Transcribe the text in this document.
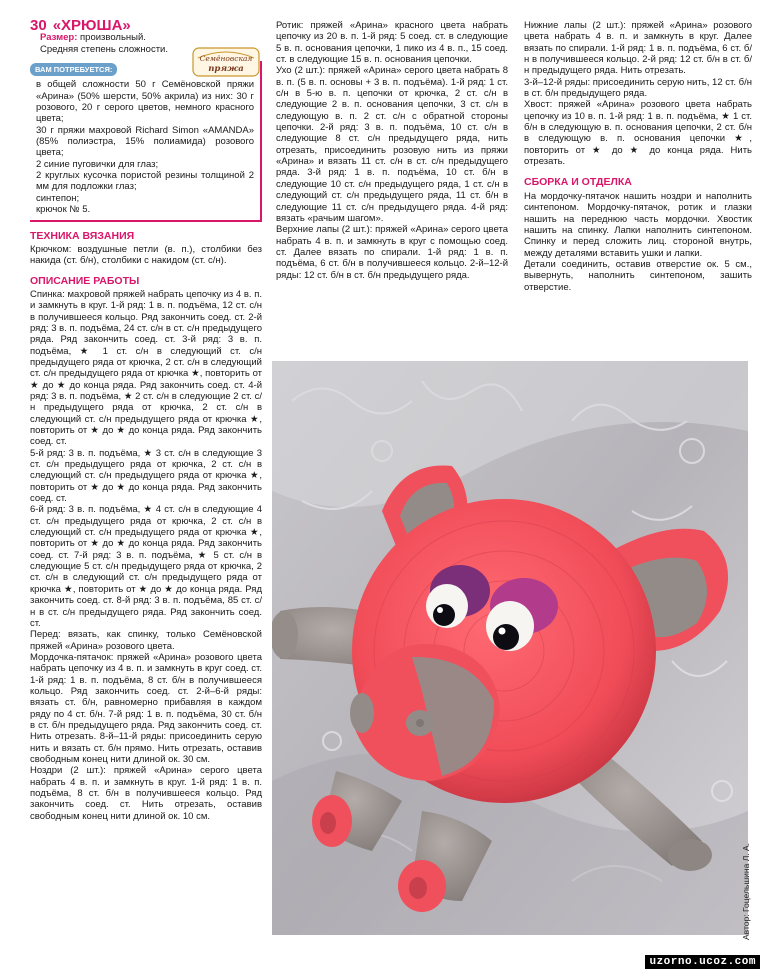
30 «ХРЮША»

Размер: произвольный.

Средняя степень сложности.

ВАМ ПОТРЕБУЕТСЯ:

в общей сложности 50 г Семёновской пряжи «Арина» (50% шерсти, 50% акрила) из них: 30 г розового, 20 г серого цветов, немного красного цвета;

30 г пряжи махровой Richard Simon «AMANDA» (85% полиэстра, 15% полиамида) розового цвета;

2 синие пуговички для глаз;

2 круглых кусочка пористой резины толщиной 2 мм для подложки глаз;

синтепон;

крючок № 5.

ТЕХНИКА ВЯЗАНИЯ

Крючком: воздушные петли (в. п.), столбики без накида (ст. б/н), столбики с накидом (ст. с/н).

ОПИСАНИЕ РАБОТЫ

Спинка: махровой пряжей набрать цепочку из 4 в. п. и замкнуть в круг. 1-й ряд: 1 в. п. подъёма, 12 ст. с/н в получившееся кольцо. Ряд закончить соед. ст. 2-й ряд: 3 в. п. подъёма, 24 ст. с/н в ст. с/н предыдущего ряда. Ряд закончить соед. ст. 3-й ряд: 3 в. п. подъёма, ★ 1 ст. с/н в следующий ст. с/н предыдущего ряда от крючка, 2 ст. с/н в следующий ст. с/н предыдущего ряда от крючка ★, повторить от ★ до ★ до конца ряда. Ряд закончить соед. ст. 4-й ряд: 3 в. п. подъёма, ★ 2 ст. с/н в следующие 2 ст. с/н предыдущего ряда от крючка, 2 ст. с/н в следующий ст. с/н предыдущего ряда от крючка ★, повторить от ★ до ★ до конца ряда. Ряд закончить соед. ст.

5-й ряд: 3 в. п. подъёма, ★ 3 ст. с/н в следующие 3 ст. с/н предыдущего ряда от крючка, 2 ст. с/н в следующий ст. с/н предыдущего ряда от крючка ★, повторить от ★ до ★ до конца ряда. Ряд закончить соед. ст.

6-й ряд: 3 в. п. подъёма, ★ 4 ст. с/н в следующие 4 ст. с/н предыдущего ряда от крючка, 2 ст. с/н в следующий ст. с/н предыдущего ряда от крючка ★, повторить от ★ до ★ до конца ряда. Ряд закончить соед. ст. 7-й ряд: 3 в. п. подъёма, ★ 5 ст. с/н в следующие 5 ст. с/н предыдущего ряда от крючка, 2 ст. с/н в следующий ст. с/н предыдущего ряда от крючка ★, повторить от ★ до ★ до конца ряда. Ряд закончить соед. ст. 8-й ряд: 3 в. п. подъёма, 85 ст. с/н в ст. с/н предыдущего ряда. Ряд закончить соед. ст.

Перед: вязать, как спинку, только Семёновской пряжей «Арина» розового цвета.

Мордочка-пятачок: пряжей «Арина» розового цвета набрать цепочку из 4 в. п. и замкнуть в круг соед. ст. 1-й ряд: 1 в. п. подъёма, 8 ст. б/н в получившееся кольцо. Ряд закончить соед. ст. 2-й–6-й ряды: вязать ст. б/н, равномерно прибавляя в каждом ряду по 4 ст. б/н. 7-й ряд: 1 в. п. подъёма, 30 ст. б/н в ст. б/н предыдущего ряда. Ряд закончить соед. ст. Нить отрезать. 8-й–11-й ряды: присоединить серую нить и вязать ст. б/н прямо. Нить отрезать, оставив свободным конец нити длиной ок. 30 см.

Ноздри (2 шт.): пряжей «Арина» серого цвета набрать 4 в. п. и замкнуть в круг. 1-й ряд: 1 в. п. подъёма, 8 ст. б/н в получившееся кольцо. Ряд закончить соед. ст. Нить отрезать, оставив свободным конец нити длиной ок. 10 см.

Семёновская
пряжа

Ротик: пряжей «Арина» красного цвета набрать цепочку из 20 в. п. 1-й ряд: 5 соед. ст. в следующие 5 в. п. основания цепочки, 1 пико из 4 в. п., 15 соед. ст. в следующие 15 в. п. основания цепочки.

Ухо (2 шт.): пряжей «Арина» серого цвета набрать 8 в. п. (5 в. п. основы + 3 в. п. подъёма). 1-й ряд: 1 ст. с/н в 5-ю в. п. цепочки от крючка, 2 ст. с/н в следующие 2 в. п. основания цепочки, 3 ст. с/н в следующую в. п. 2 ст. с/н с обратной стороны цепочки. 2-й ряд: 3 в. п. подъёма, 10 ст. с/н в следующие 8 ст. с/н предыдущего ряда, нить отрезать, присоединить розовую нить из пряжи «Арина» и вязать 11 ст. с/н в ст. с/н предыдущего ряда. 3-й ряд: 1 в. п. подъёма, 10 ст. б/н в следующие 10 ст. с/н предыдущего ряда, 1 ст. с/н в следующий ст. с/н предыдущего ряда, 11 ст. б/н в следующие 11 ст. с/н предыдущего ряда. 4-й ряд: вязать «рачьим шагом».

Верхние лапы (2 шт.): пряжей «Арина» серого цвета набрать 4 в. п. и замкнуть в круг с помощью соед. ст. Далее вязать по спирали. 1-й ряд: 1 в. п. подъёма, 6 ст. б/н в получившееся кольцо. 2-й–12-й ряды: 12 ст. б/н в ст. б/н предыдущего ряда.

Нижние лапы (2 шт.): пряжей «Арина» розового цвета набрать 4 в. п. и замкнуть в круг. Далее вязать по спирали. 1-й ряд: 1 в. п. подъёма, 6 ст. б/н в получившееся кольцо. 2-й ряд: 12 ст. б/н в ст. б/н предыдущего ряда. Нить отрезать.

3-й–12-й ряды: присоединить серую нить, 12 ст. б/н в ст. б/н предыдущего ряда.

Хвост: пряжей «Арина» розового цвета набрать цепочку из 10 в. п. 1-й ряд: 1 в. п. подъёма, ★ 1 ст. б/н в следующую в. п. основания цепочки, 2 ст. б/н в следующую в. п. основания цепочки ★, повторить от ★ до ★ до конца ряда. Нить отрезать.

СБОРКА И ОТДЕЛКА

На мордочку-пятачок нашить ноздри и наполнить синтепоном. Мордочку-пятачок, ротик и глазки нашить на переднюю часть мордочки. Хвостик нашить на спинку. Лапки наполнить синтепоном. Спинку и перед сложить лиц. стороной внутрь, между деталями вставить ушки и лапки.

Детали соединить, оставив отверстие ок. 5 см., вывернуть, наполнить синтепоном, зашить отверстие.

Автор: Гоцельшина Л. А.
uzorno.ucoz.com
